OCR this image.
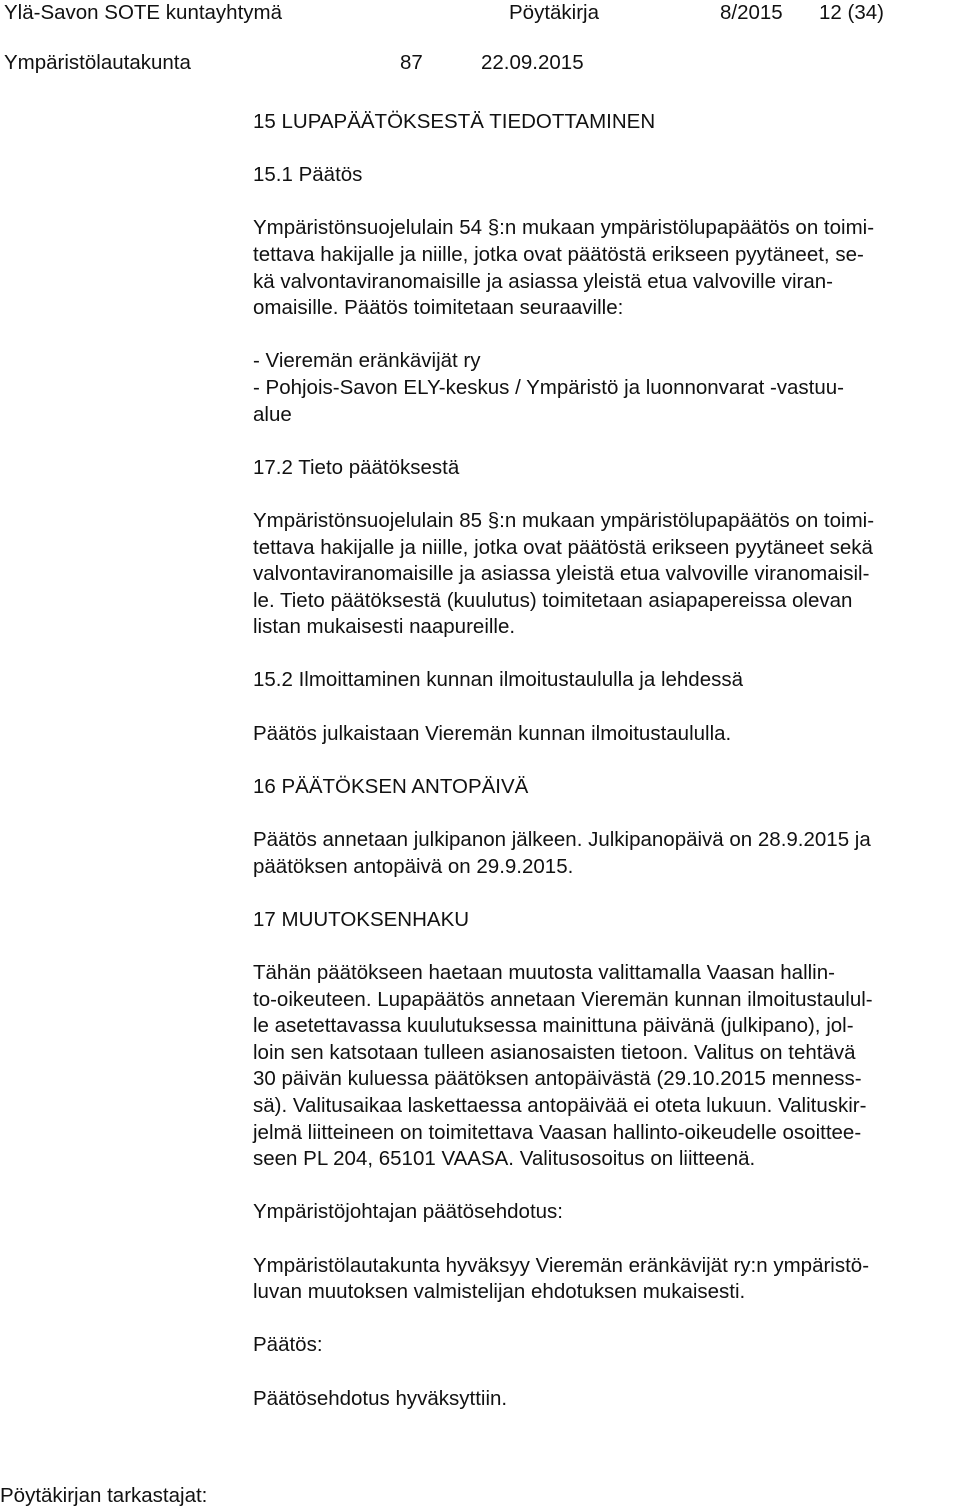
Ylä-Savon SOTE kuntayhtymä	Pöytäkirja	8/2015 12 (34)
Ympäristölautakunta	87	22.09.2015
15 LUPAPÄÄTÖKSESTÄ TIEDOTTAMINEN
15.1 Päätös
Ympäristönsuojelulain 54 §:n mukaan ympäristölupapäätös on toimi-
tettava hakijalle ja niille, jotka ovat päätöstä erikseen pyytäneet, se-
kä valvontaviranomaisille ja asiassa yleistä etua valvoville viran-
omaisille. Päätös toimitetaan seuraaville:
- Vieremän eränkävijät ry
- Pohjois-Savon ELY-keskus / Ympäristö ja luonnonvarat -vastuu-
alue
17.2 Tieto päätöksestä
Ympäristönsuojelulain 85 §:n mukaan ympäristölupapäätös on toimi-
tettava hakijalle ja niille, jotka ovat päätöstä erikseen pyytäneet sekä
valvontaviranomaisille ja asiassa yleistä etua valvoville viranomaisil-
le. Tieto päätöksestä (kuulutus) toimitetaan asiapapereissa olevan
listan mukaisesti naapureille.
15.2 Ilmoittaminen kunnan ilmoitustaululla ja lehdessä
Päätös julkaistaan Vieremän kunnan ilmoitustaululla.
16 PÄÄTÖKSEN ANTOPÄIVÄ
Päätös annetaan julkipanon jälkeen. Julkipanopäivä on 28.9.2015 ja
päätöksen antopäivä on 29.9.2015.
17 MUUTOKSENHAKU
Tähän päätökseen haetaan muutosta valittamalla Vaasan hallin-
to-oikeuteen. Lupapäätös annetaan Vieremän kunnan ilmoitustaulul-
le asetettavassa kuulutuksessa mainittuna päivänä (julkipano), jol-
loin sen katsotaan tulleen asianosaisten tietoon. Valitus on tehtävä
30 päivän kuluessa päätöksen antopäivästä (29.10.2015 menness-
sä). Valitusaikaa laskettaessa antopäivää ei oteta lukuun. Valituskir-
jelmä liitteineen on toimitettava Vaasan hallinto-oikeudelle osoittee-
seen PL 204, 65101 VAASA. Valitusosoitus on liitteenä.
Ympäristöjohtajan päätösehdotus:
Ympäristölautakunta hyväksyy Vieremän eränkävijät ry:n ympäristö-
luvan muutoksen valmistelijan ehdotuksen mukaisesti.
Päätös:
Päätösehdotus hyväksyttiin.
Pöytäkirjan tarkastajat:
